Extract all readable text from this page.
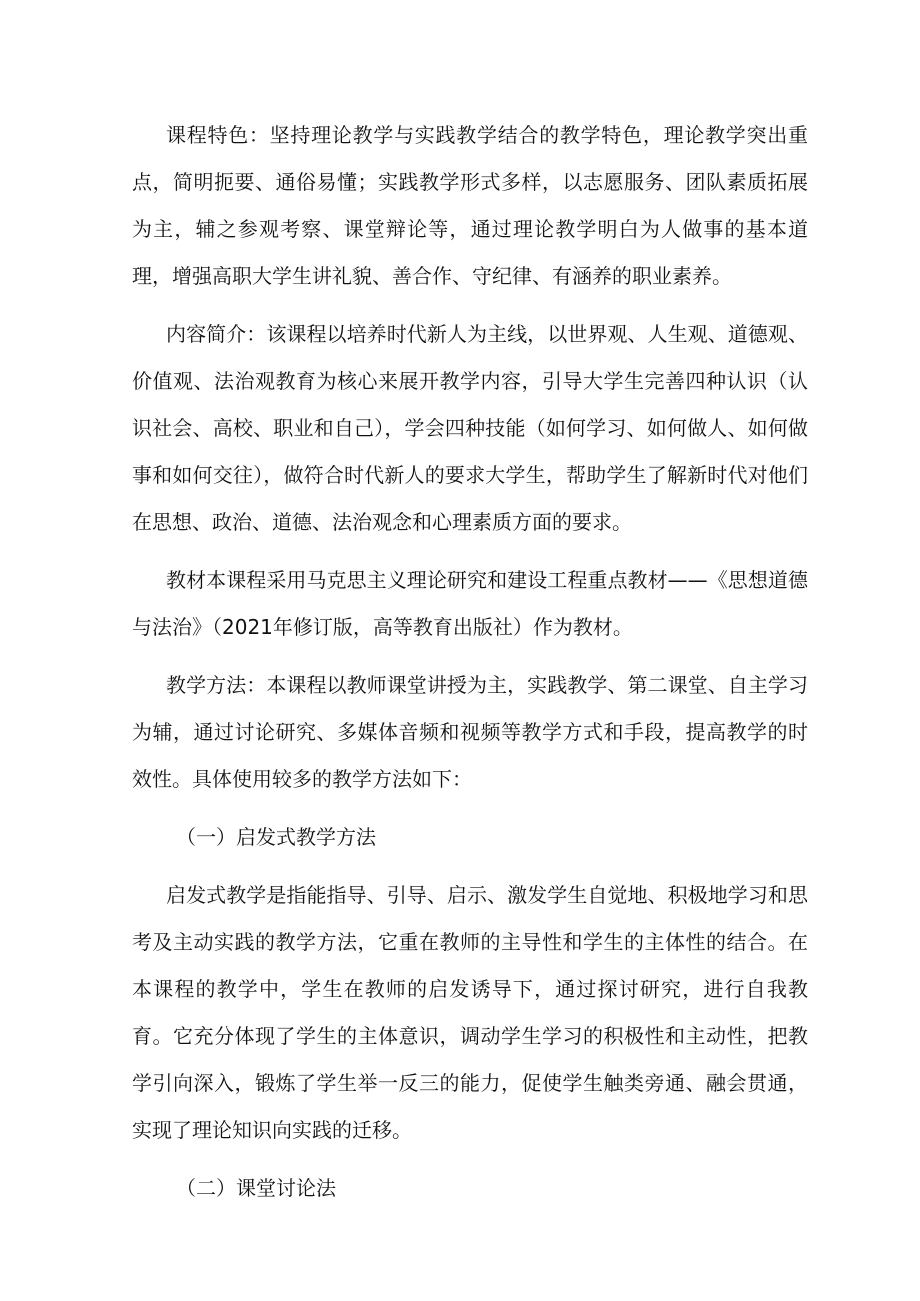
课程特色：坚持理论教学与实践教学结合的教学特色，理论教学突出重点，简明扼要、通俗易懂；实践教学形式多样，以志愿服务、团队素质拓展为主，辅之参观考察、课堂辩论等，通过理论教学明白为人做事的基本道理，增强高职大学生讲礼貌、善合作、守纪律、有涵养的职业素养。

内容简介：该课程以培养时代新人为主线，以世界观、人生观、道德观、价值观、法治观教育为核心来展开教学内容，引导大学生完善四种认识（认识社会、高校、职业和自己），学会四种技能（如何学习、如何做人、如何做事和如何交往），做符合时代新人的要求大学生，帮助学生了解新时代对他们在思想、政治、道德、法治观念和心理素质方面的要求。

教材本课程采用马克思主义理论研究和建设工程重点教材——《思想道德与法治》（2021年修订版，高等教育出版社）作为教材。

教学方法：本课程以教师课堂讲授为主，实践教学、第二课堂、自主学习为辅，通过讨论研究、多媒体音频和视频等教学方式和手段，提高教学的时效性。具体使用较多的教学方法如下：

（一）启发式教学方法

启发式教学是指能指导、引导、启示、激发学生自觉地、积极地学习和思考及主动实践的教学方法，它重在教师的主导性和学生的主体性的结合。在本课程的教学中，学生在教师的启发诱导下，通过探讨研究，进行自我教育。它充分体现了学生的主体意识，调动学生学习的积极性和主动性，把教学引向深入，锻炼了学生举一反三的能力，促使学生触类旁通、融会贯通，实现了理论知识向实践的迁移。

（二）课堂讨论法
